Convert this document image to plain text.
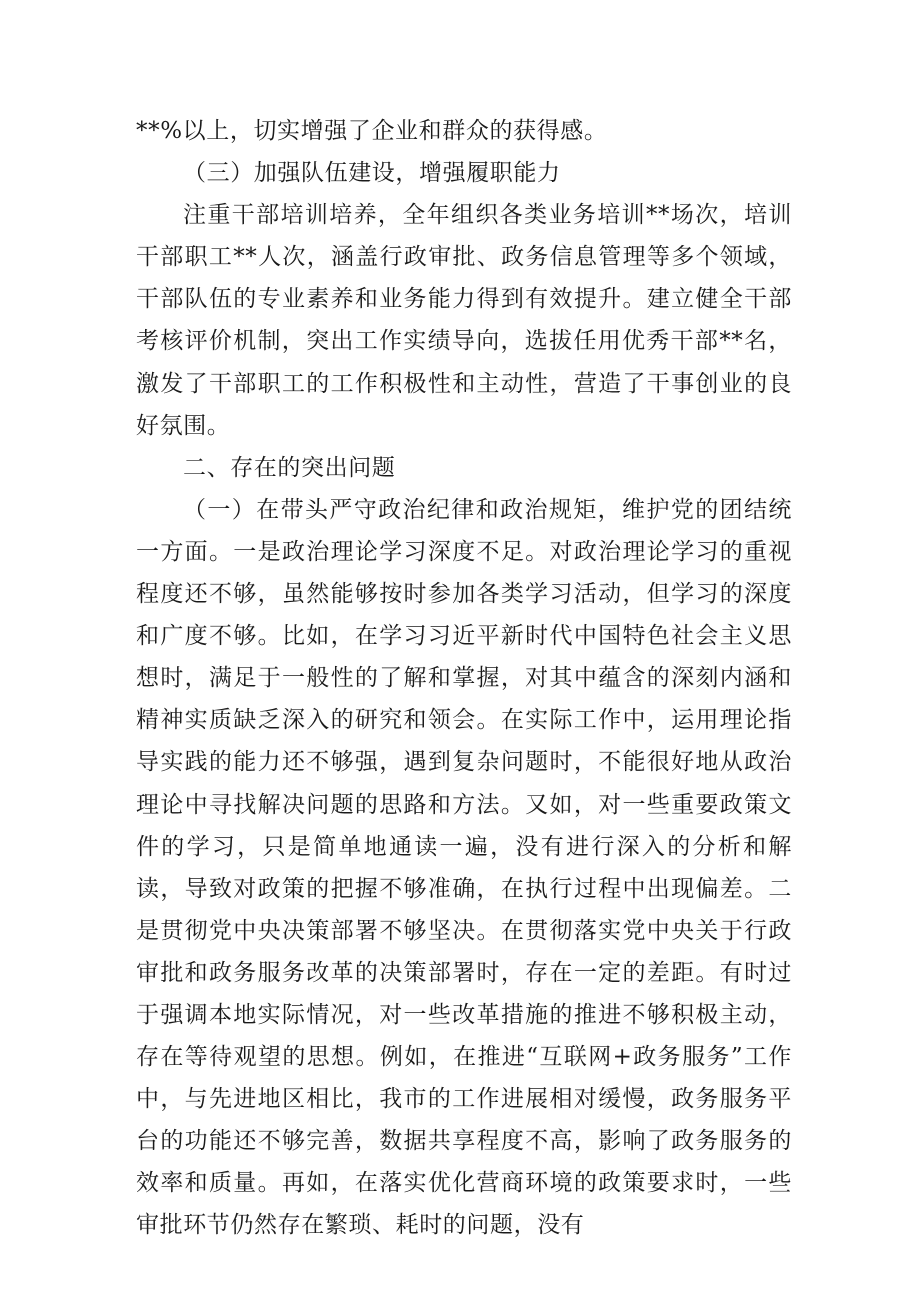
**%以上，切实增强了企业和群众的获得感。

（三）加强队伍建设，增强履职能力

注重干部培训培养，全年组织各类业务培训**场次，培训干部职工**人次，涵盖行政审批、政务信息管理等多个领域，干部队伍的专业素养和业务能力得到有效提升。建立健全干部考核评价机制，突出工作实绩导向，选拔任用优秀干部**名，激发了干部职工的工作积极性和主动性，营造了干事创业的良好氛围。

二、存在的突出问题

（一）在带头严守政治纪律和政治规矩，维护党的团结统一方面。一是政治理论学习深度不足。对政治理论学习的重视程度还不够，虽然能够按时参加各类学习活动，但学习的深度和广度不够。比如，在学习习近平新时代中国特色社会主义思想时，满足于一般性的了解和掌握，对其中蕴含的深刻内涵和精神实质缺乏深入的研究和领会。在实际工作中，运用理论指导实践的能力还不够强，遇到复杂问题时，不能很好地从政治理论中寻找解决问题的思路和方法。又如，对一些重要政策文件的学习，只是简单地通读一遍，没有进行深入的分析和解读，导致对政策的把握不够准确，在执行过程中出现偏差。二是贯彻党中央决策部署不够坚决。在贯彻落实党中央关于行政审批和政务服务改革的决策部署时，存在一定的差距。有时过于强调本地实际情况，对一些改革措施的推进不够积极主动，存在等待观望的思想。例如，在推进“互联网+政务服务”工作中，与先进地区相比，我市的工作进展相对缓慢，政务服务平台的功能还不够完善，数据共享程度不高，影响了政务服务的效率和质量。再如，在落实优化营商环境的政策要求时，一些审批环节仍然存在繁琐、耗时的问题，没有
